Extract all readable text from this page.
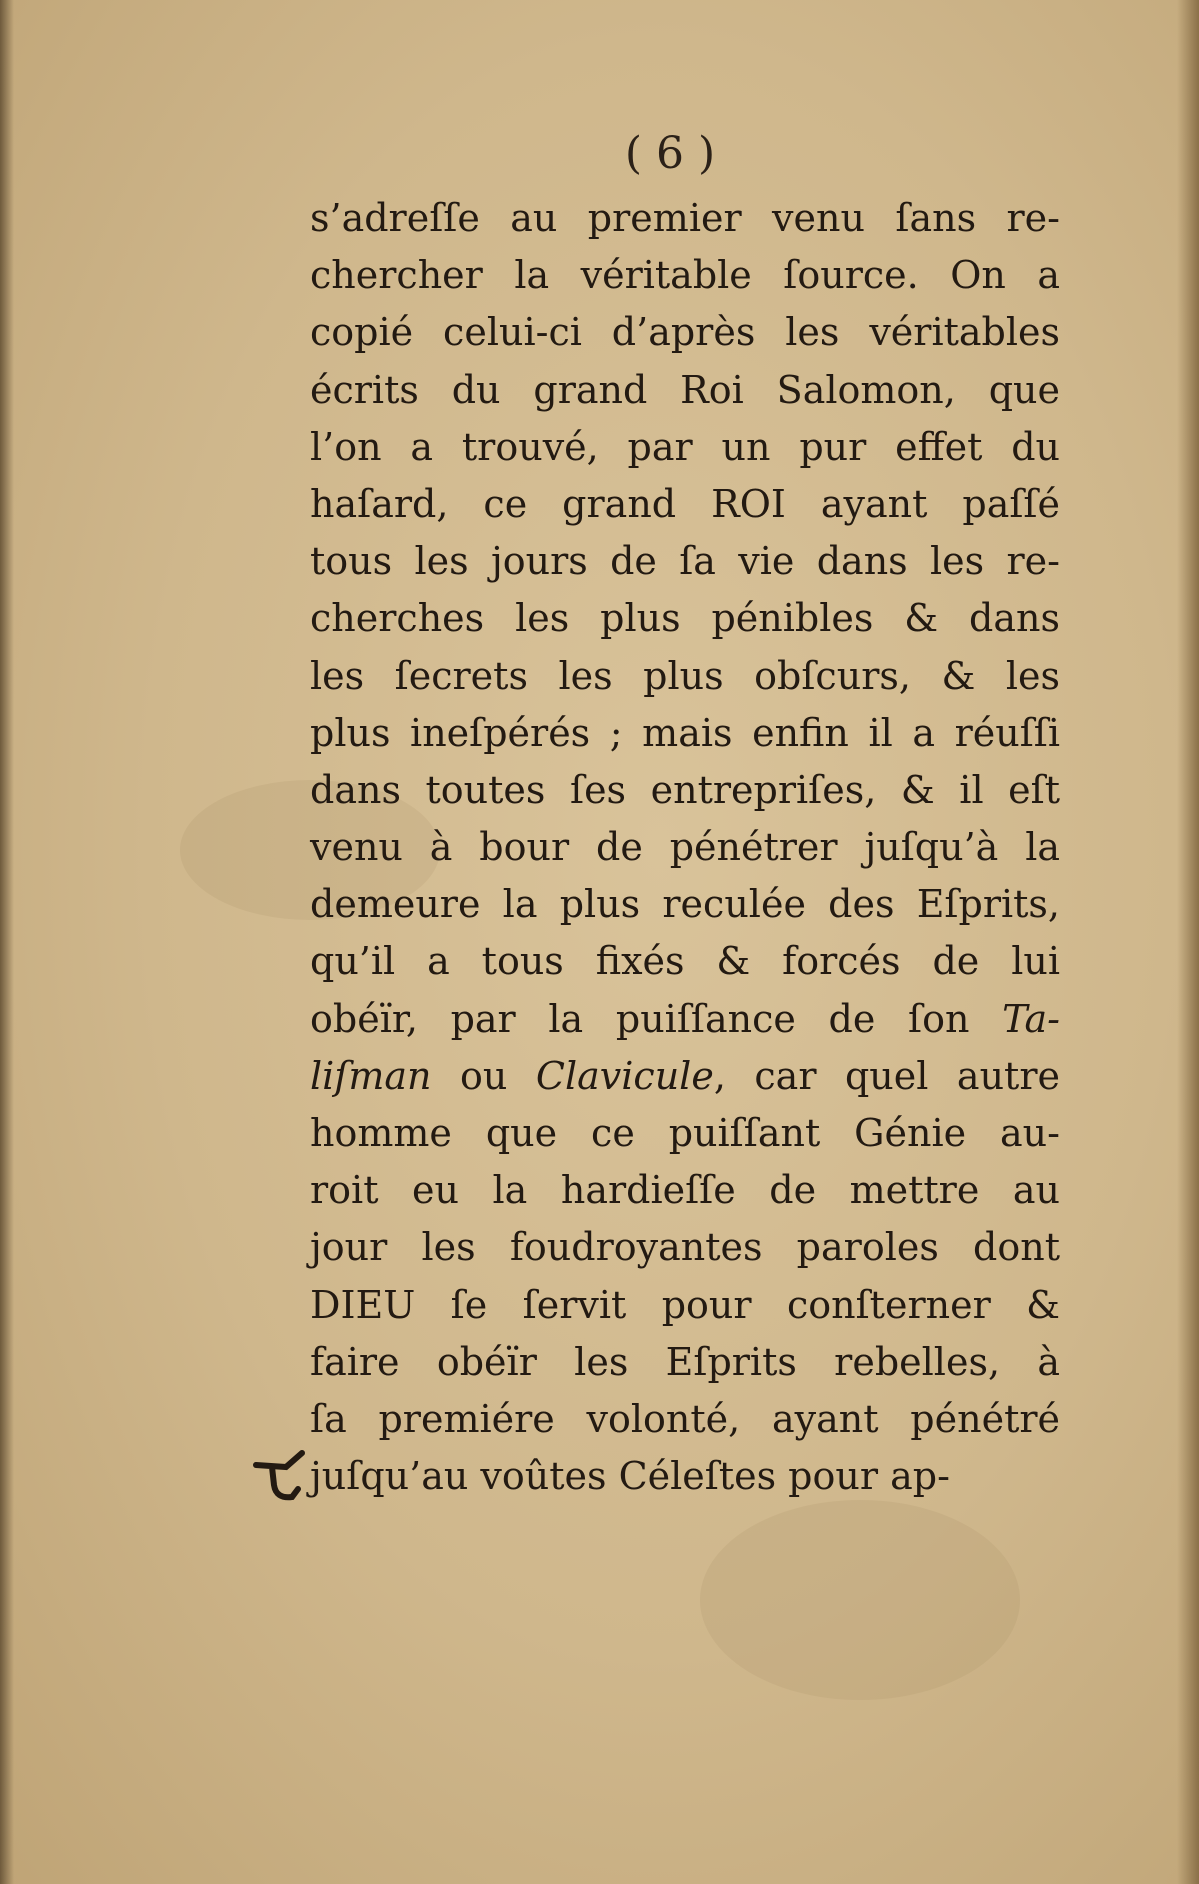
( 6 )
s’adreſſe au premier venu ſans re-
chercher la véritable ſource. On a
copié celui-ci d’après les véritables
écrits du grand Roi Salomon, que
l’on a trouvé, par un pur effet du
haſard, ce grand ROI ayant paſſé
tous les jours de ſa vie dans les re-
cherches les plus pénibles & dans
les ſecrets les plus obſcurs, & les
plus ineſpérés ; mais enfin il a réuſſi
dans toutes ſes entrepriſes, & il eſt
venu à bour de pénétrer juſqu’à la
demeure la plus reculée des Eſprits,
qu’il a tous fixés & forcés de lui
obéïr, par la puiſſance de ſon Ta-
liſman ou Clavicule, car quel autre
homme que ce puiſſant Génie au-
roit eu la hardieſſe de mettre au
jour les foudroyantes paroles dont
DIEU ſe ſervit pour conſterner &
faire obéïr les Eſprits rebelles, à
ſa premiére volonté, ayant pénétré
juſqu’au voûtes Céleſtes pour ap-
